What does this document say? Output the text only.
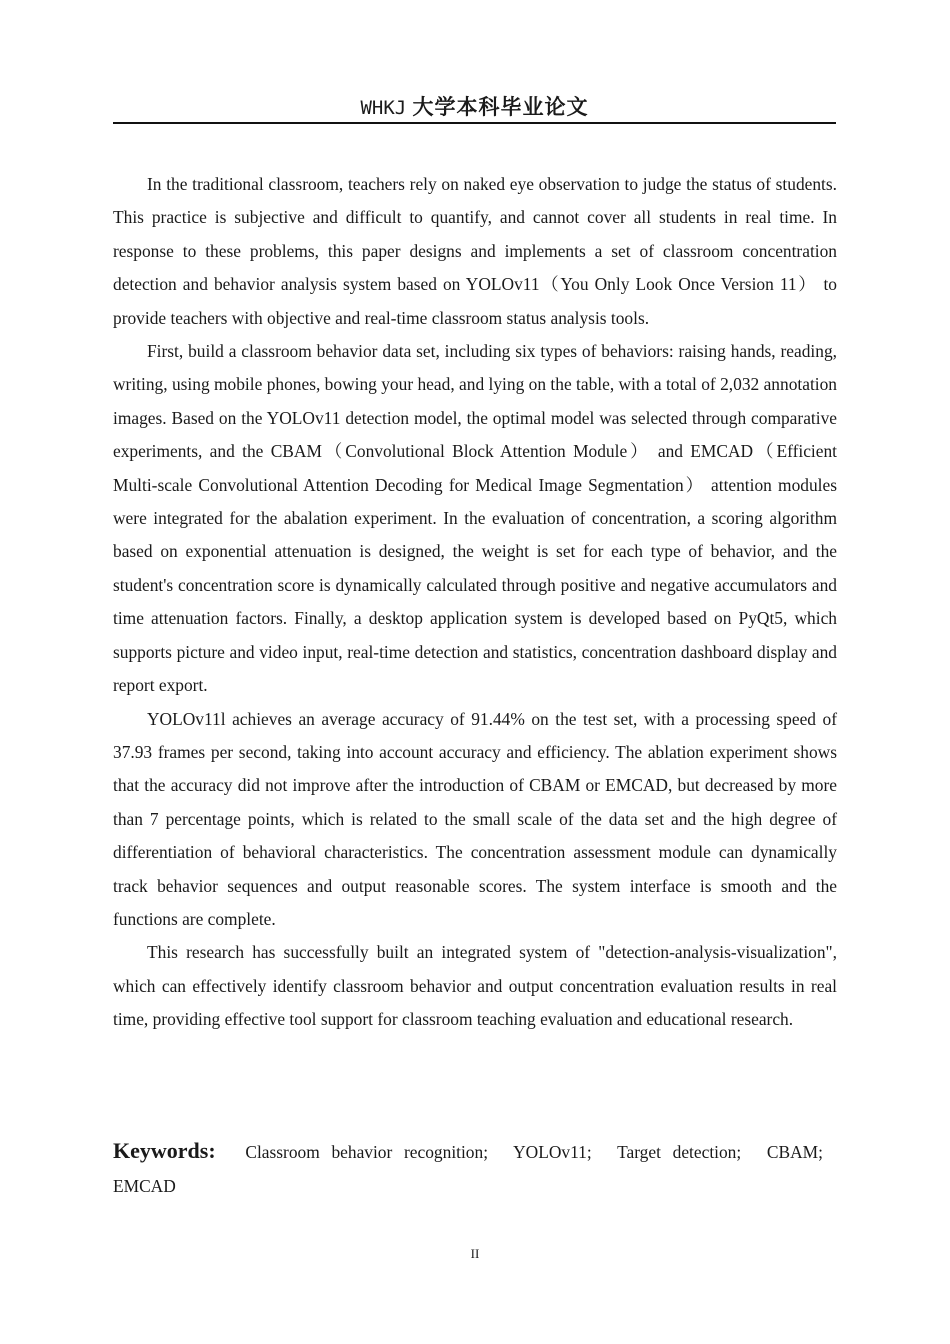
WHKJ 大学本科毕业论文

In the traditional classroom, teachers rely on naked eye observation to judge the status of students. This practice is subjective and difficult to quantify, and cannot cover all students in real time. In response to these problems, this paper designs and implements a set of classroom concentration detection and behavior analysis system based on YOLOv11（You Only Look Once Version 11） to provide teachers with objective and real-time classroom status analysis tools.

First, build a classroom behavior data set, including six types of behaviors: raising hands, reading, writing, using mobile phones, bowing your head, and lying on the table, with a total of 2,032 annotation images. Based on the YOLOv11 detection model, the optimal model was selected through comparative experiments, and the CBAM（Convolutional Block Attention Module） and EMCAD（Efficient Multi-scale Convolutional Attention Decoding for Medical Image Segmentation） attention modules were integrated for the abalation experiment. In the evaluation of concentration, a scoring algorithm based on exponential attenuation is designed, the weight is set for each type of behavior, and the student's concentration score is dynamically calculated through positive and negative accumulators and time attenuation factors. Finally, a desktop application system is developed based on PyQt5, which supports picture and video input, real-time detection and statistics, concentration dashboard display and report export.

YOLOv11l achieves an average accuracy of 91.44% on the test set, with a processing speed of 37.93 frames per second, taking into account accuracy and efficiency. The ablation experiment shows that the accuracy did not improve after the introduction of CBAM or EMCAD, but decreased by more than 7 percentage points, which is related to the small scale of the data set and the high degree of differentiation of behavioral characteristics. The concentration assessment module can dynamically track behavior sequences and output reasonable scores. The system interface is smooth and the functions are complete.

This research has successfully built an integrated system of "detection-analysis-visualization", which can effectively identify classroom behavior and output concentration evaluation results in real time, providing effective tool support for classroom teaching evaluation and educational research.

Keywords: Classroom behavior recognition; YOLOv11; Target detection; CBAM; EMCAD
II
